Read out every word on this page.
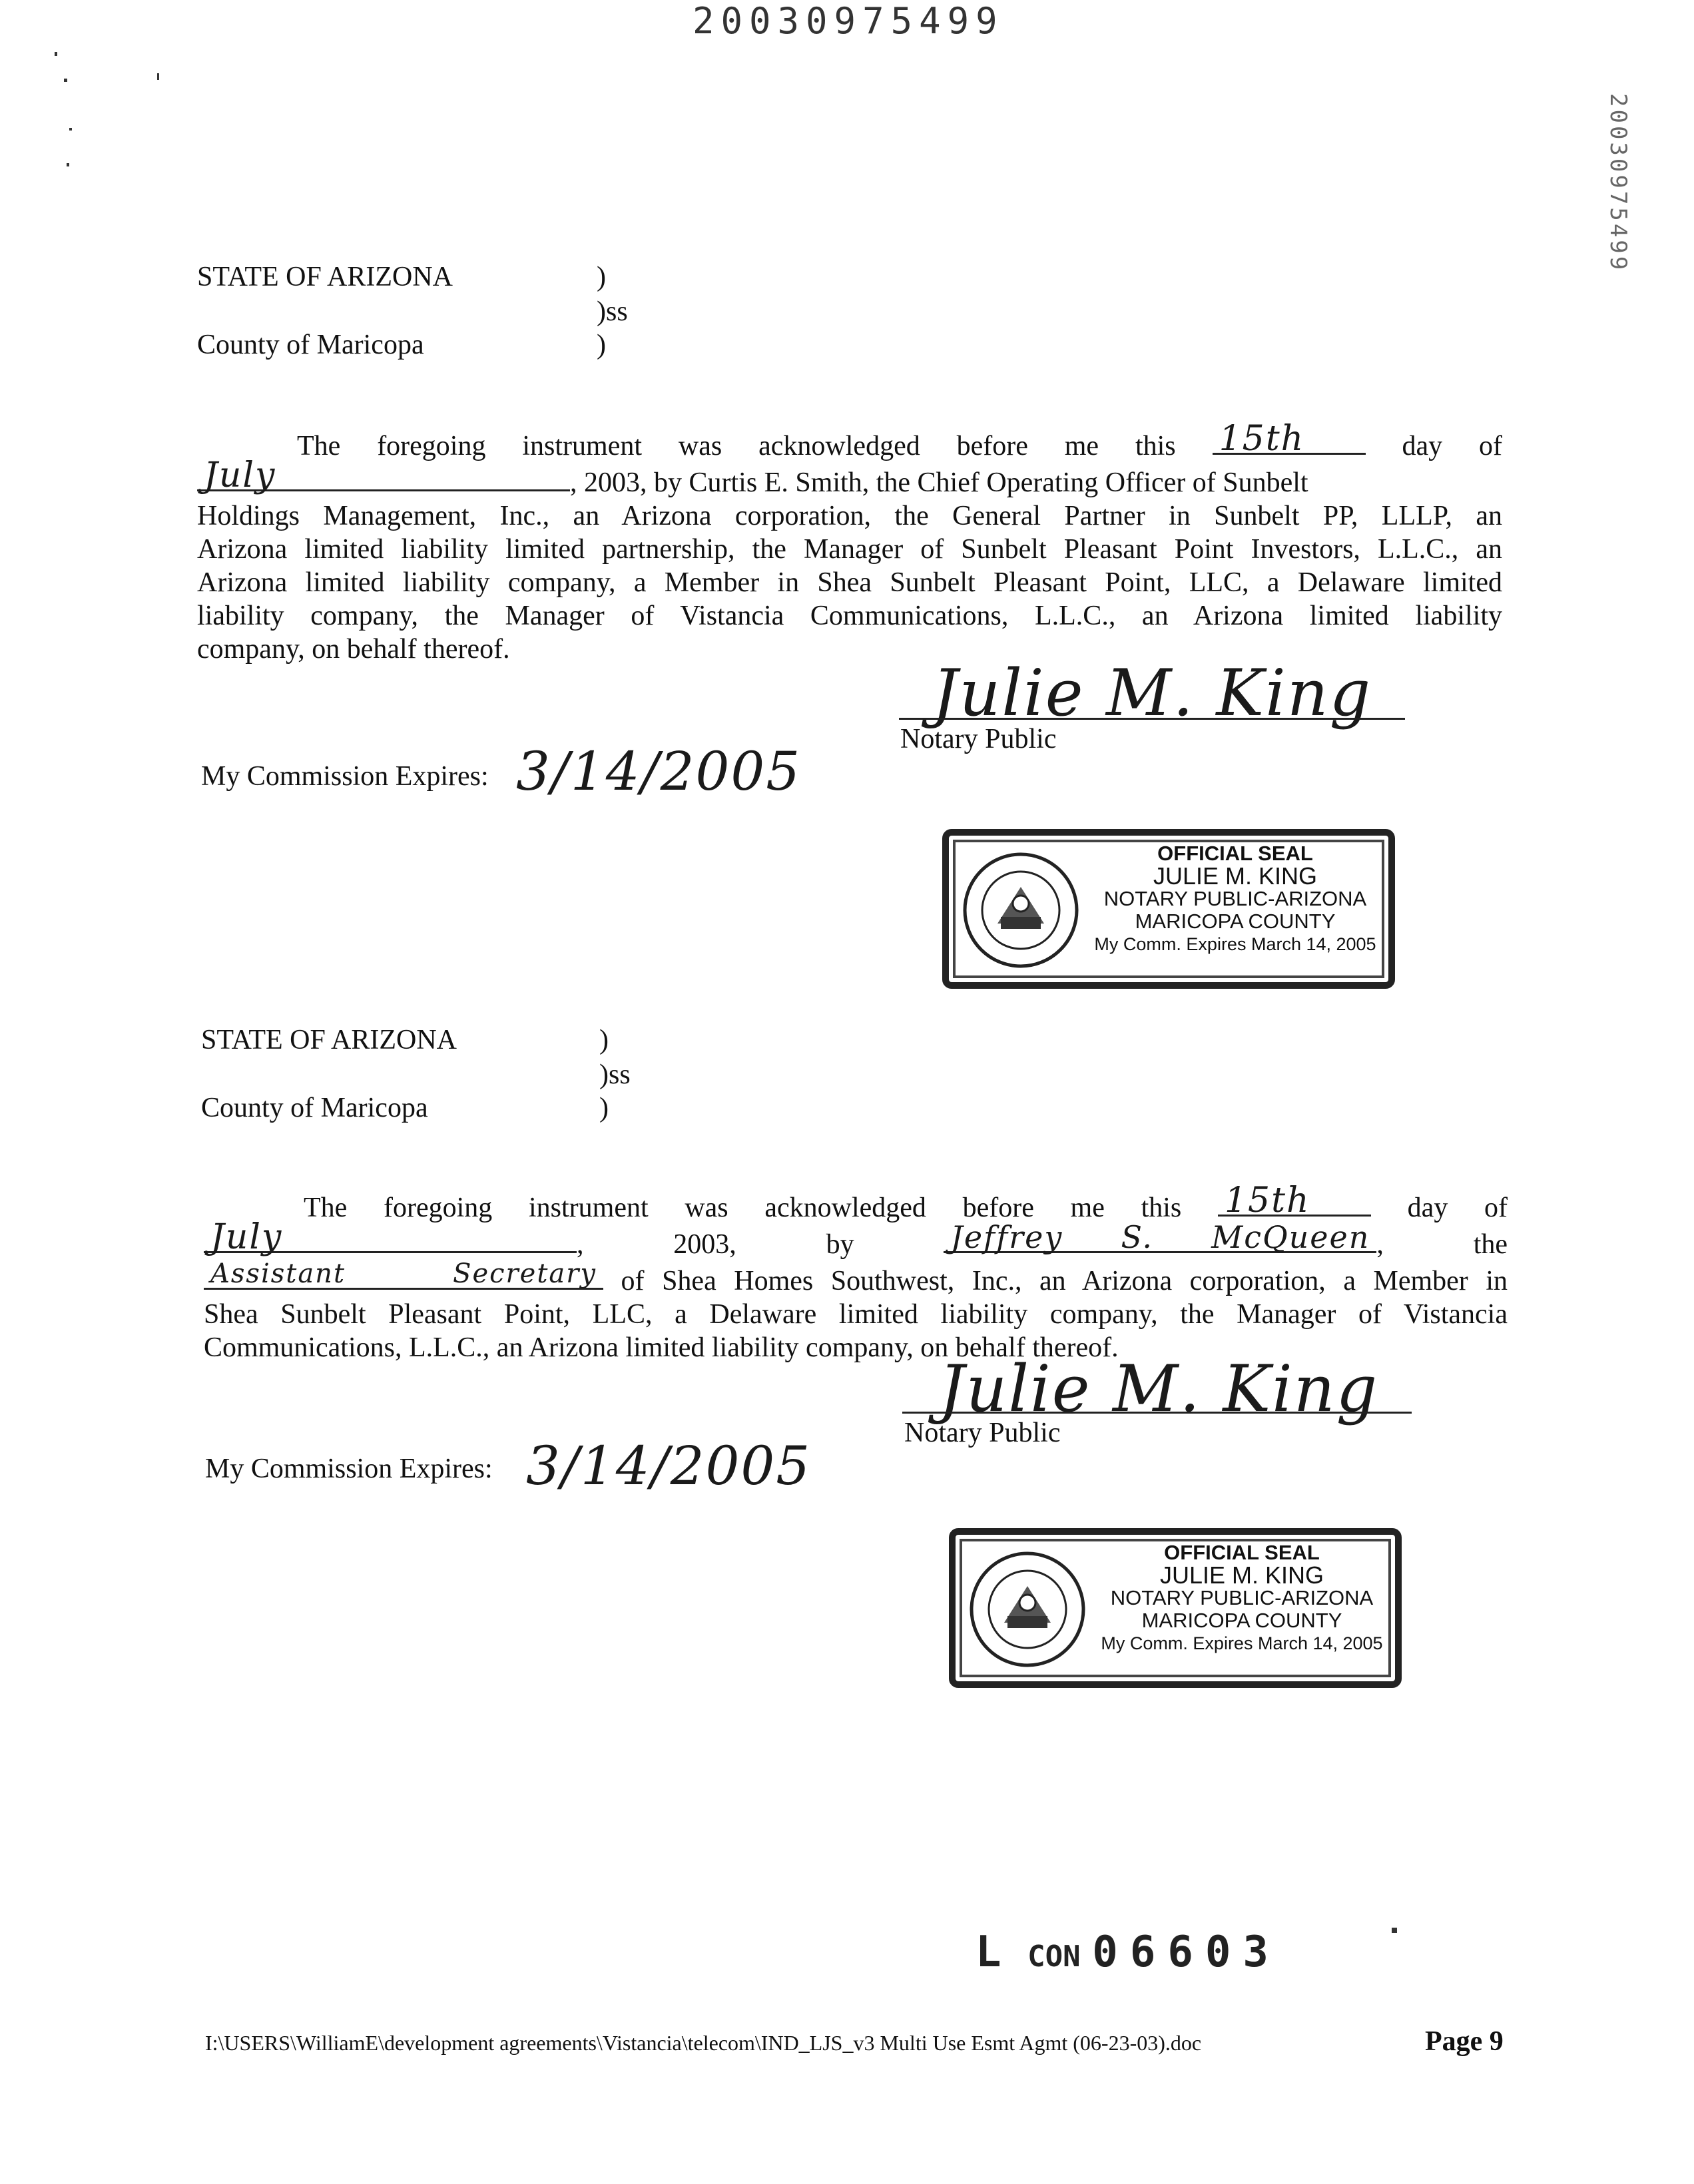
20030975499
20030975499
STATE OF ARIZONA	)
)ss
County of Maricopa	)
The foregoing instrument was acknowledged before me this 15th	day of
July	, 2003, by Curtis E. Smith, the Chief Operating Officer of Sunbelt
Holdings Management, Inc., an Arizona corporation, the General Partner in Sunbelt PP, LLLP, an
Arizona limited liability limited partnership, the Manager of Sunbelt Pleasant Point Investors, L.L.C., an
Arizona limited liability company, a Member in Shea Sunbelt Pleasant Point, LLC, a Delaware limited
liability company, the Manager of Vistancia Communications, L.L.C., an Arizona limited liability
company, on behalf thereof.
Julie M. King
Notary Public
My Commission Expires: 3/14/2005
OFFICIAL SEAL
JULIE M. KING
NOTARY PUBLIC-ARIZONA
MARICOPA COUNTY
My Comm. Expires March 14, 2005
STATE OF ARIZONA	)
)ss
County of Maricopa	)
The foregoing instrument was acknowledged before me this 15th	day of
July	, 2003, by	Jeffrey S. McQueen , the
Assistant Secretary of Shea Homes Southwest, Inc., an Arizona corporation, a Member in
Shea Sunbelt Pleasant Point, LLC, a Delaware limited liability company, the Manager of Vistancia
Communications, L.L.C., an Arizona limited liability company, on behalf thereof.
Julie M. King
Notary Public
My Commission Expires: 3/14/2005
OFFICIAL SEAL
JULIE M. KING
NOTARY PUBLIC-ARIZONA
MARICOPA COUNTY
My Comm. Expires March 14, 2005
L CON 06603
I:\USERS\WilliamE\development agreements\Vistancia\telecom\IND_LJS_v3 Multi Use Esmt Agmt (06-23-03).doc	Page 9
